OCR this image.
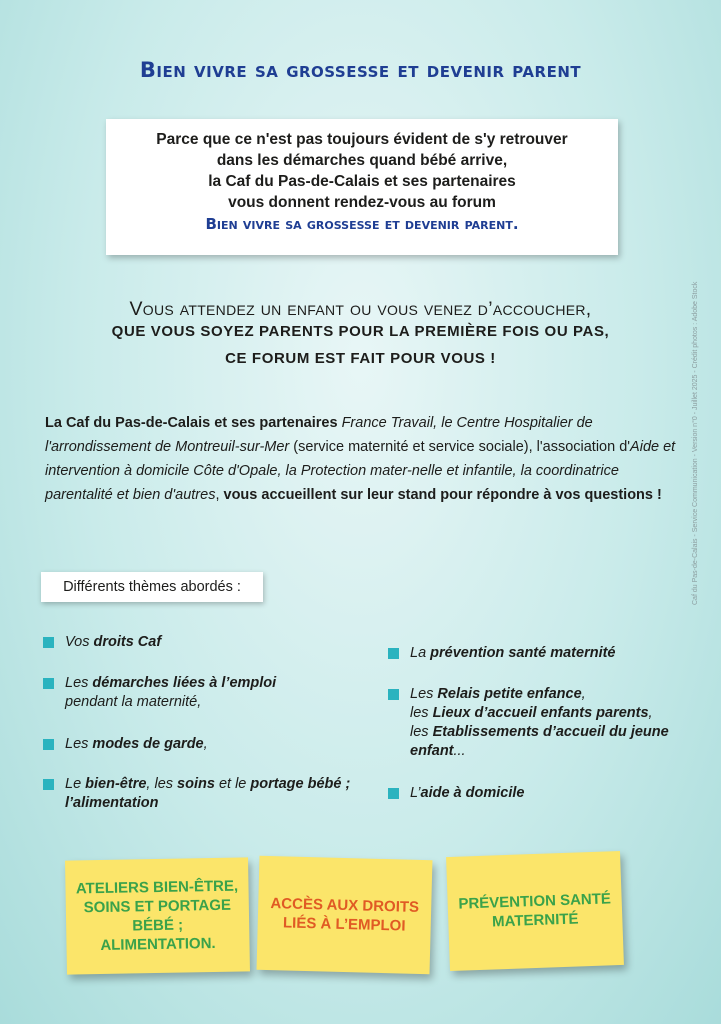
Bien vivre sa grossesse et devenir parent
Parce que ce n'est pas toujours évident de s'y retrouver
dans les démarches quand bébé arrive,
la Caf du Pas-de-Calais et ses partenaires
vous donnent rendez-vous au forum
Bien vivre sa grossesse et devenir parent.
Vous attendez un enfant ou vous venez d’accoucher,
QUE VOUS SOYEZ PARENTS POUR LA PREMIÈRE FOIS OU PAS,
CE FORUM EST FAIT POUR VOUS !
La Caf du Pas-de-Calais et ses partenaires France Travail, le Centre Hospitalier de l'arrondissement de Montreuil-sur-Mer (service maternité et service sociale), l'association d'Aide et intervention à domicile Côte d'Opale, la Protection mater-nelle et infantile, la coordinatrice parentalité et bien d'autres, vous accueillent sur leur stand pour répondre à vos questions !
Différents thèmes abordés :
Vos droits Caf
Les démarches liées à l’emploi
pendant la maternité,
Les modes de garde,
Le bien-être, les soins et le portage bébé ;
l’alimentation
La prévention santé maternité
Les Relais petite enfance,
les Lieux d’accueil enfants parents,
les Etablissements d’accueil du jeune enfant...
L’aide à domicile
ATELIERS BIEN-ÊTRE, SOINS ET PORTAGE BÉBÉ ; ALIMENTATION.
ACCÈS AUX DROITS LIÉS À L’EMPLOI
PRÉVENTION SANTÉ MATERNITÉ
Caf du Pas-de-Calais - Service Communication - Version n°0 - Juillet 2025 - Crédit photos : Adobe Stock
